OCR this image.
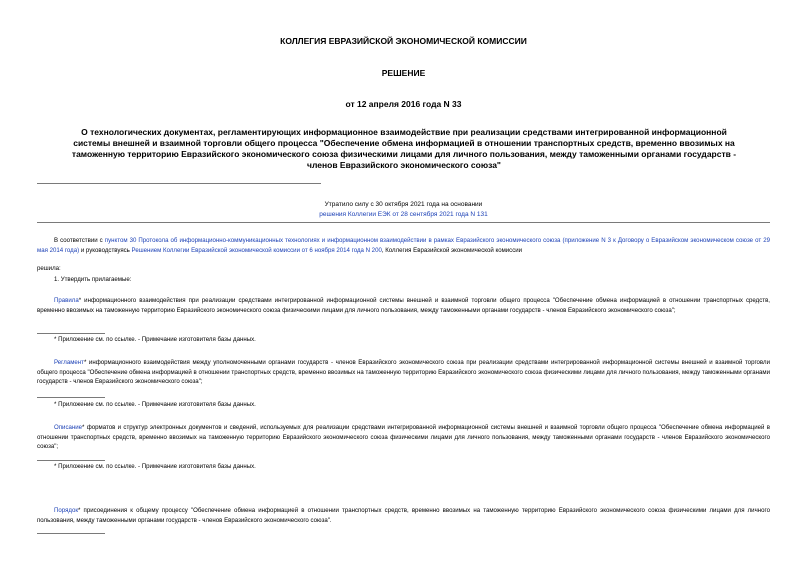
КОЛЛЕГИЯ ЕВРАЗИЙСКОЙ ЭКОНОМИЧЕСКОЙ КОМИССИИ
РЕШЕНИЕ
от 12 апреля 2016 года N 33
О технологических документах, регламентирующих информационное взаимодействие при реализации средствами интегрированной информационной системы внешней и взаимной торговли общего процесса "Обеспечение обмена информацией в отношении транспортных средств, временно ввозимых на таможенную территорию Евразийского экономического союза физическими лицами для личного пользования, между таможенными органами государств - членов Евразийского экономического союза"
Утратило силу с 30 октября 2021 года на основании
решения Коллегии ЕЭК от 28 сентября 2021 года N 131
В соответствии с пунктом 30 Протокола об информационно-коммуникационных технологиях и информационном взаимодействии в рамках Евразийского экономического союза (приложение N 3 к Договору о Евразийском экономическом союзе от 29 мая 2014 года) и руководствуясь Решением Коллегии Евразийской экономической комиссии от 6 ноября 2014 года N 200, Коллегия Евразийской экономической комиссии
решила:
1. Утвердить прилагаемые:
Правила* информационного взаимодействия при реализации средствами интегрированной информационной системы внешней и взаимной торговли общего процесса "Обеспечение обмена информацией в отношении транспортных средств, временно ввозимых на таможенную территорию Евразийского экономического союза физическими лицами для личного пользования, между таможенными органами государств - членов Евразийского экономического союза";
* Приложение см. по ссылке. - Примечание изготовителя базы данных.
Регламент* информационного взаимодействия между уполномоченными органами государств - членов Евразийского экономического союза при реализации средствами интегрированной информационной системы внешней и взаимной торговли общего процесса "Обеспечение обмена информацией в отношении транспортных средств, временно ввозимых на таможенную территорию Евразийского экономического союза физическими лицами для личного пользования, между таможенными органами государств - членов Евразийского экономического союза";
* Приложение см. по ссылке. - Примечание изготовителя базы данных.
Описание* форматов и структур электронных документов и сведений, используемых для реализации средствами интегрированной информационной системы внешней и взаимной торговли общего процесса "Обеспечение обмена информацией в отношении транспортных средств, временно ввозимых на таможенную территорию Евразийского экономического союза физическими лицами для личного пользования, между таможенными органами государств - членов Евразийского экономического союза";
* Приложение см. по ссылке. - Примечание изготовителя базы данных.
Порядок* присоединения к общему процессу "Обеспечение обмена информацией в отношении транспортных средств, временно ввозимых на таможенную территорию Евразийского экономического союза физическими лицами для личного пользования, между таможенными органами государств - членов Евразийского экономического союза".
